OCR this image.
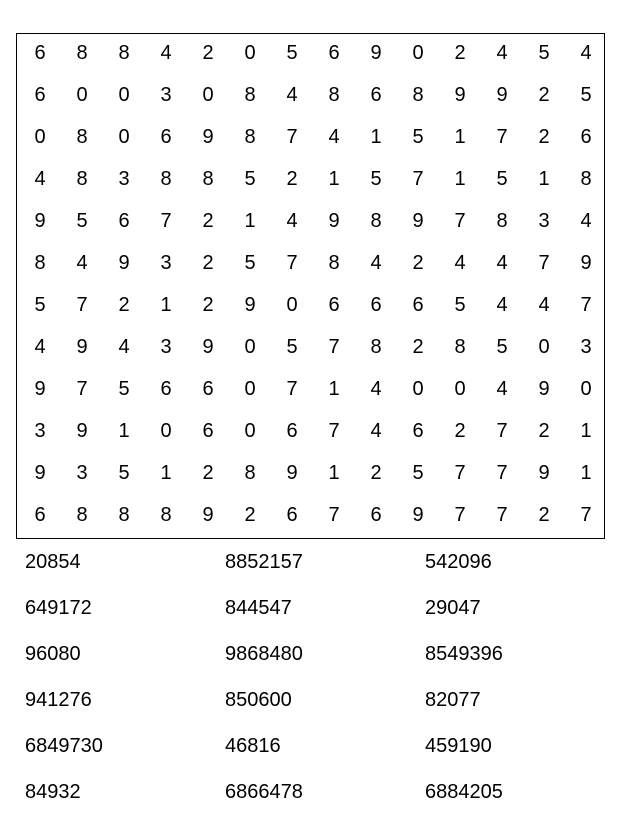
6	8	8	4	2	0	5	6	9	0	2	4	5	4
6	0	0	3	0	8	4	8	6	8	9	9	2	5
0	8	0	6	9	8	7	4	1	5	1	7	2	6
4	8	3	8	8	5	2	1	5	7	1	5	1	8
9	5	6	7	2	1	4	9	8	9	7	8	3	4
8	4	9	3	2	5	7	8	4	2	4	4	7	9
5	7	2	1	2	9	0	6	6	6	5	4	4	7
4	9	4	3	9	0	5	7	8	2	8	5	0	3
9	7	5	6	6	0	7	1	4	0	0	4	9	0
3	9	1	0	6	0	6	7	4	6	2	7	2	1
9	3	5	1	2	8	9	1	2	5	7	7	9	1
6	8	8	8	9	2	6	7	6	9	7	7	2	7
20854	8852157	542096
649172	844547	29047
96080	9868480	8549396
941276	850600	82077
6849730	46816	459190
84932	6866478	6884205
